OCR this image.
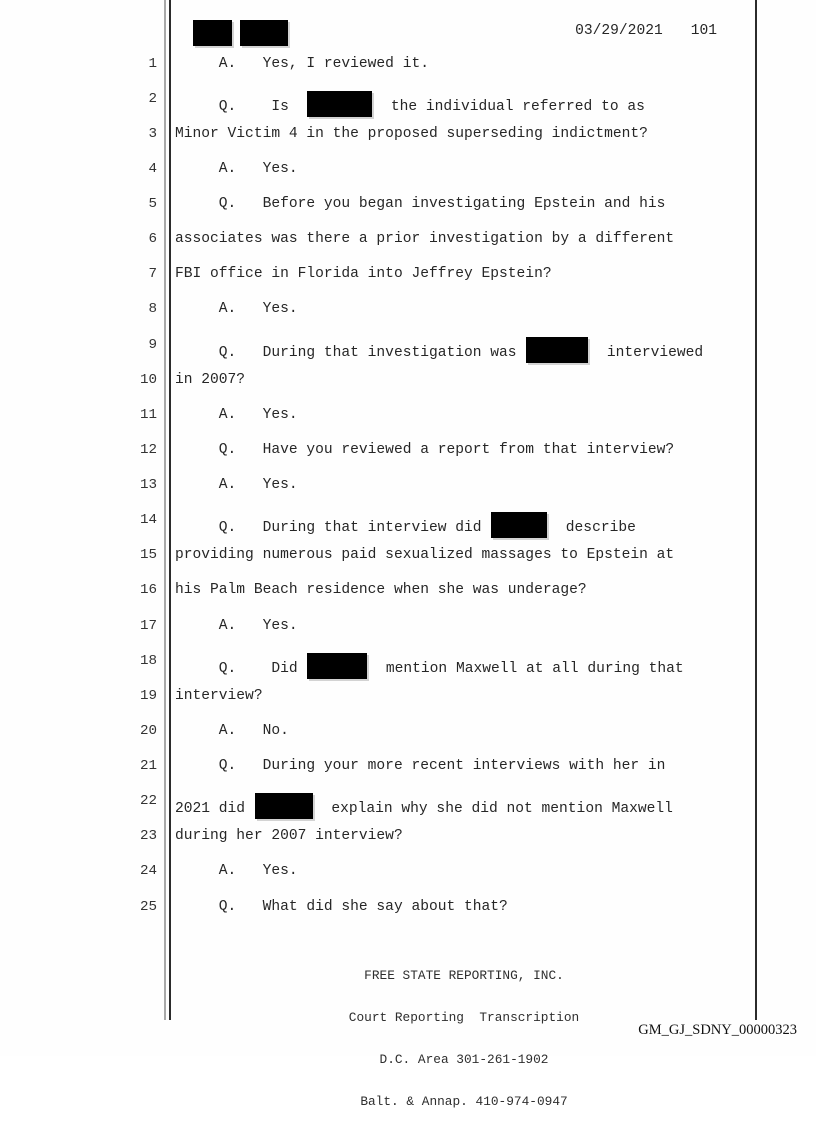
03/29/2021 101
1 A.   Yes, I reviewed it.
2 Q.    Is	the individual referred to as
3 Minor Victim 4 in the proposed superseding indictment?
4 A.   Yes.
5 Q.   Before you began investigating Epstein and his
6 associates was there a prior investigation by a different
7 FBI office in Florida into Jeffrey Epstein?
8 A.   Yes.
9 Q.   During that investigation was	interviewed
10 in 2007?
11 A.   Yes.
12 Q.   Have you reviewed a report from that interview?
13 A.   Yes.
14 Q.   During that interview did	describe
15 providing numerous paid sexualized massages to Epstein at
16 his Palm Beach residence when she was underage?
17 A.   Yes.
18 Q.    Did	mention Maxwell at all during that
19 interview?
20 A.   No.
21 Q.   During your more recent interviews with her in
22 2021 did	explain why she did not mention Maxwell
23 during her 2007 interview?
24 A.   Yes.
25 Q.   What did she say about that?

FREE STATE REPORTING, INC.

Court Reporting  Transcription

D.C. Area 301-261-1902

Balt. & Annap. 410-974-0947

GM_GJ_SDNY_00000323
